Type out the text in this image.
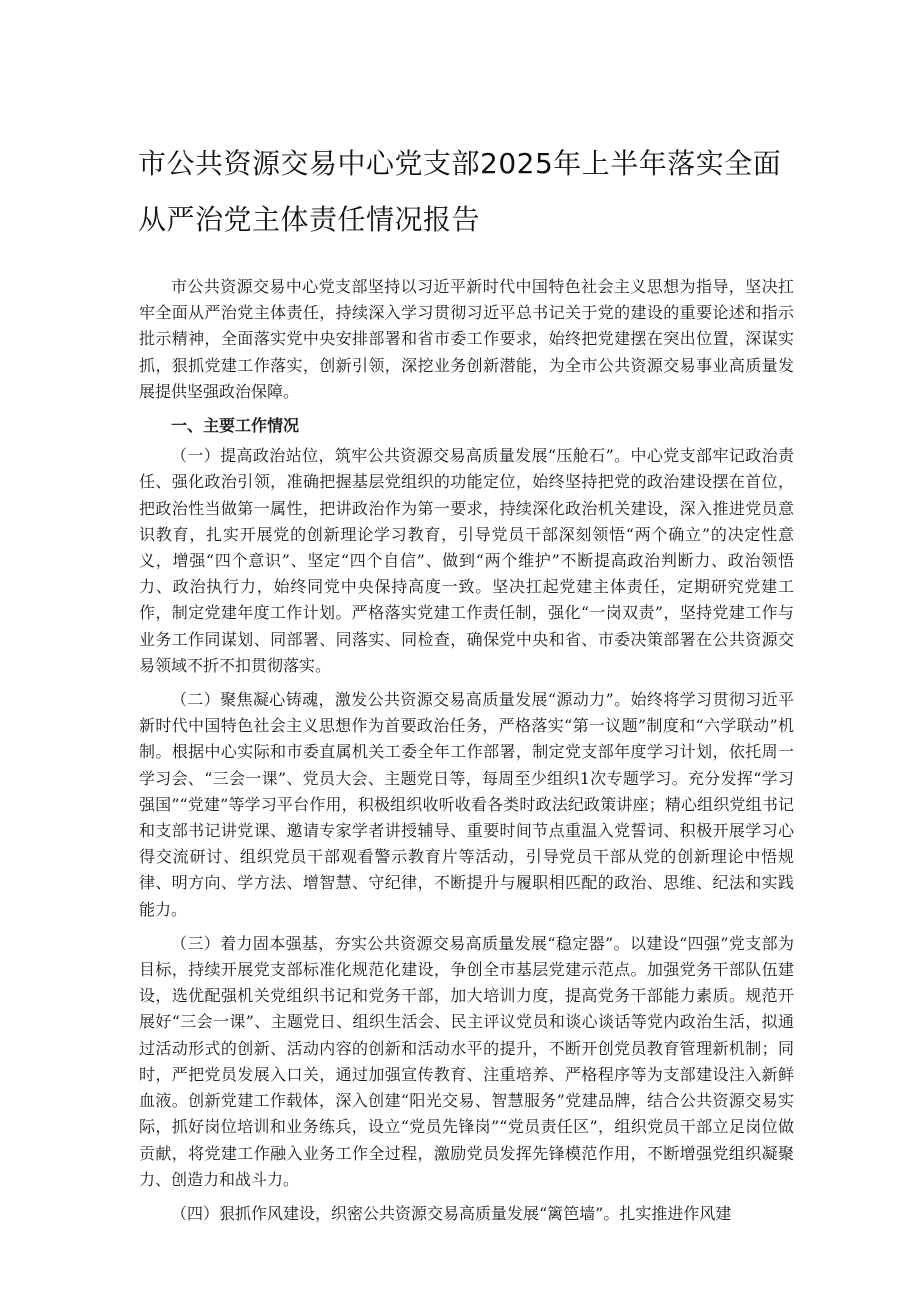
市公共资源交易中心党支部2025年上半年落实全面
从严治党主体责任情况报告

市公共资源交易中心党支部坚持以习近平新时代中国特色社会主义思想为指导，坚决扛牢全面从严治党主体责任，持续深入学习贯彻习近平总书记关于党的建设的重要论述和指示批示精神，全面落实党中央安排部署和省市委工作要求，始终把党建摆在突出位置，深谋实抓，狠抓党建工作落实，创新引领，深挖业务创新潜能，为全市公共资源交易事业高质量发展提供坚强政治保障。

一、主要工作情况

（一）提高政治站位，筑牢公共资源交易高质量发展“压舱石”。中心党支部牢记政治责任、强化政治引领，准确把握基层党组织的功能定位，始终坚持把党的政治建设摆在首位，把政治性当做第一属性，把讲政治作为第一要求，持续深化政治机关建设，深入推进党员意识教育，扎实开展党的创新理论学习教育，引导党员干部深刻领悟“两个确立”的决定性意义，增强“四个意识”、坚定“四个自信”、做到“两个维护”不断提高政治判断力、政治领悟力、政治执行力，始终同党中央保持高度一致。坚决扛起党建主体责任，定期研究党建工作，制定党建年度工作计划。严格落实党建工作责任制，强化“一岗双责”，坚持党建工作与业务工作同谋划、同部署、同落实、同检查，确保党中央和省、市委决策部署在公共资源交易领域不折不扣贯彻落实。

（二）聚焦凝心铸魂，激发公共资源交易高质量发展“源动力”。始终将学习贯彻习近平新时代中国特色社会主义思想作为首要政治任务，严格落实“第一议题”制度和“六学联动”机制。根据中心实际和市委直属机关工委全年工作部署，制定党支部年度学习计划，依托周一学习会、“三会一课”、党员大会、主题党日等，每周至少组织1次专题学习。充分发挥“学习强国”“党建”等学习平台作用，积极组织收听收看各类时政法纪政策讲座；精心组织党组书记和支部书记讲党课、邀请专家学者讲授辅导、重要时间节点重温入党誓词、积极开展学习心得交流研讨、组织党员干部观看警示教育片等活动，引导党员干部从党的创新理论中悟规律、明方向、学方法、增智慧、守纪律，不断提升与履职相匹配的政治、思维、纪法和实践能力。

（三）着力固本强基，夯实公共资源交易高质量发展“稳定器”。以建设“四强”党支部为目标，持续开展党支部标准化规范化建设，争创全市基层党建示范点。加强党务干部队伍建设，选优配强机关党组织书记和党务干部，加大培训力度，提高党务干部能力素质。规范开展好“三会一课”、主题党日、组织生活会、民主评议党员和谈心谈话等党内政治生活，拟通过活动形式的创新、活动内容的创新和活动水平的提升，不断开创党员教育管理新机制；同时，严把党员发展入口关，通过加强宣传教育、注重培养、严格程序等为支部建设注入新鲜血液。创新党建工作载体，深入创建“阳光交易、智慧服务”党建品牌，结合公共资源交易实际，抓好岗位培训和业务练兵，设立“党员先锋岗”“党员责任区”，组织党员干部立足岗位做贡献，将党建工作融入业务工作全过程，激励党员发挥先锋模范作用，不断增强党组织凝聚力、创造力和战斗力。

（四）狠抓作风建设，织密公共资源交易高质量发展“篱笆墙”。扎实推进作风建
